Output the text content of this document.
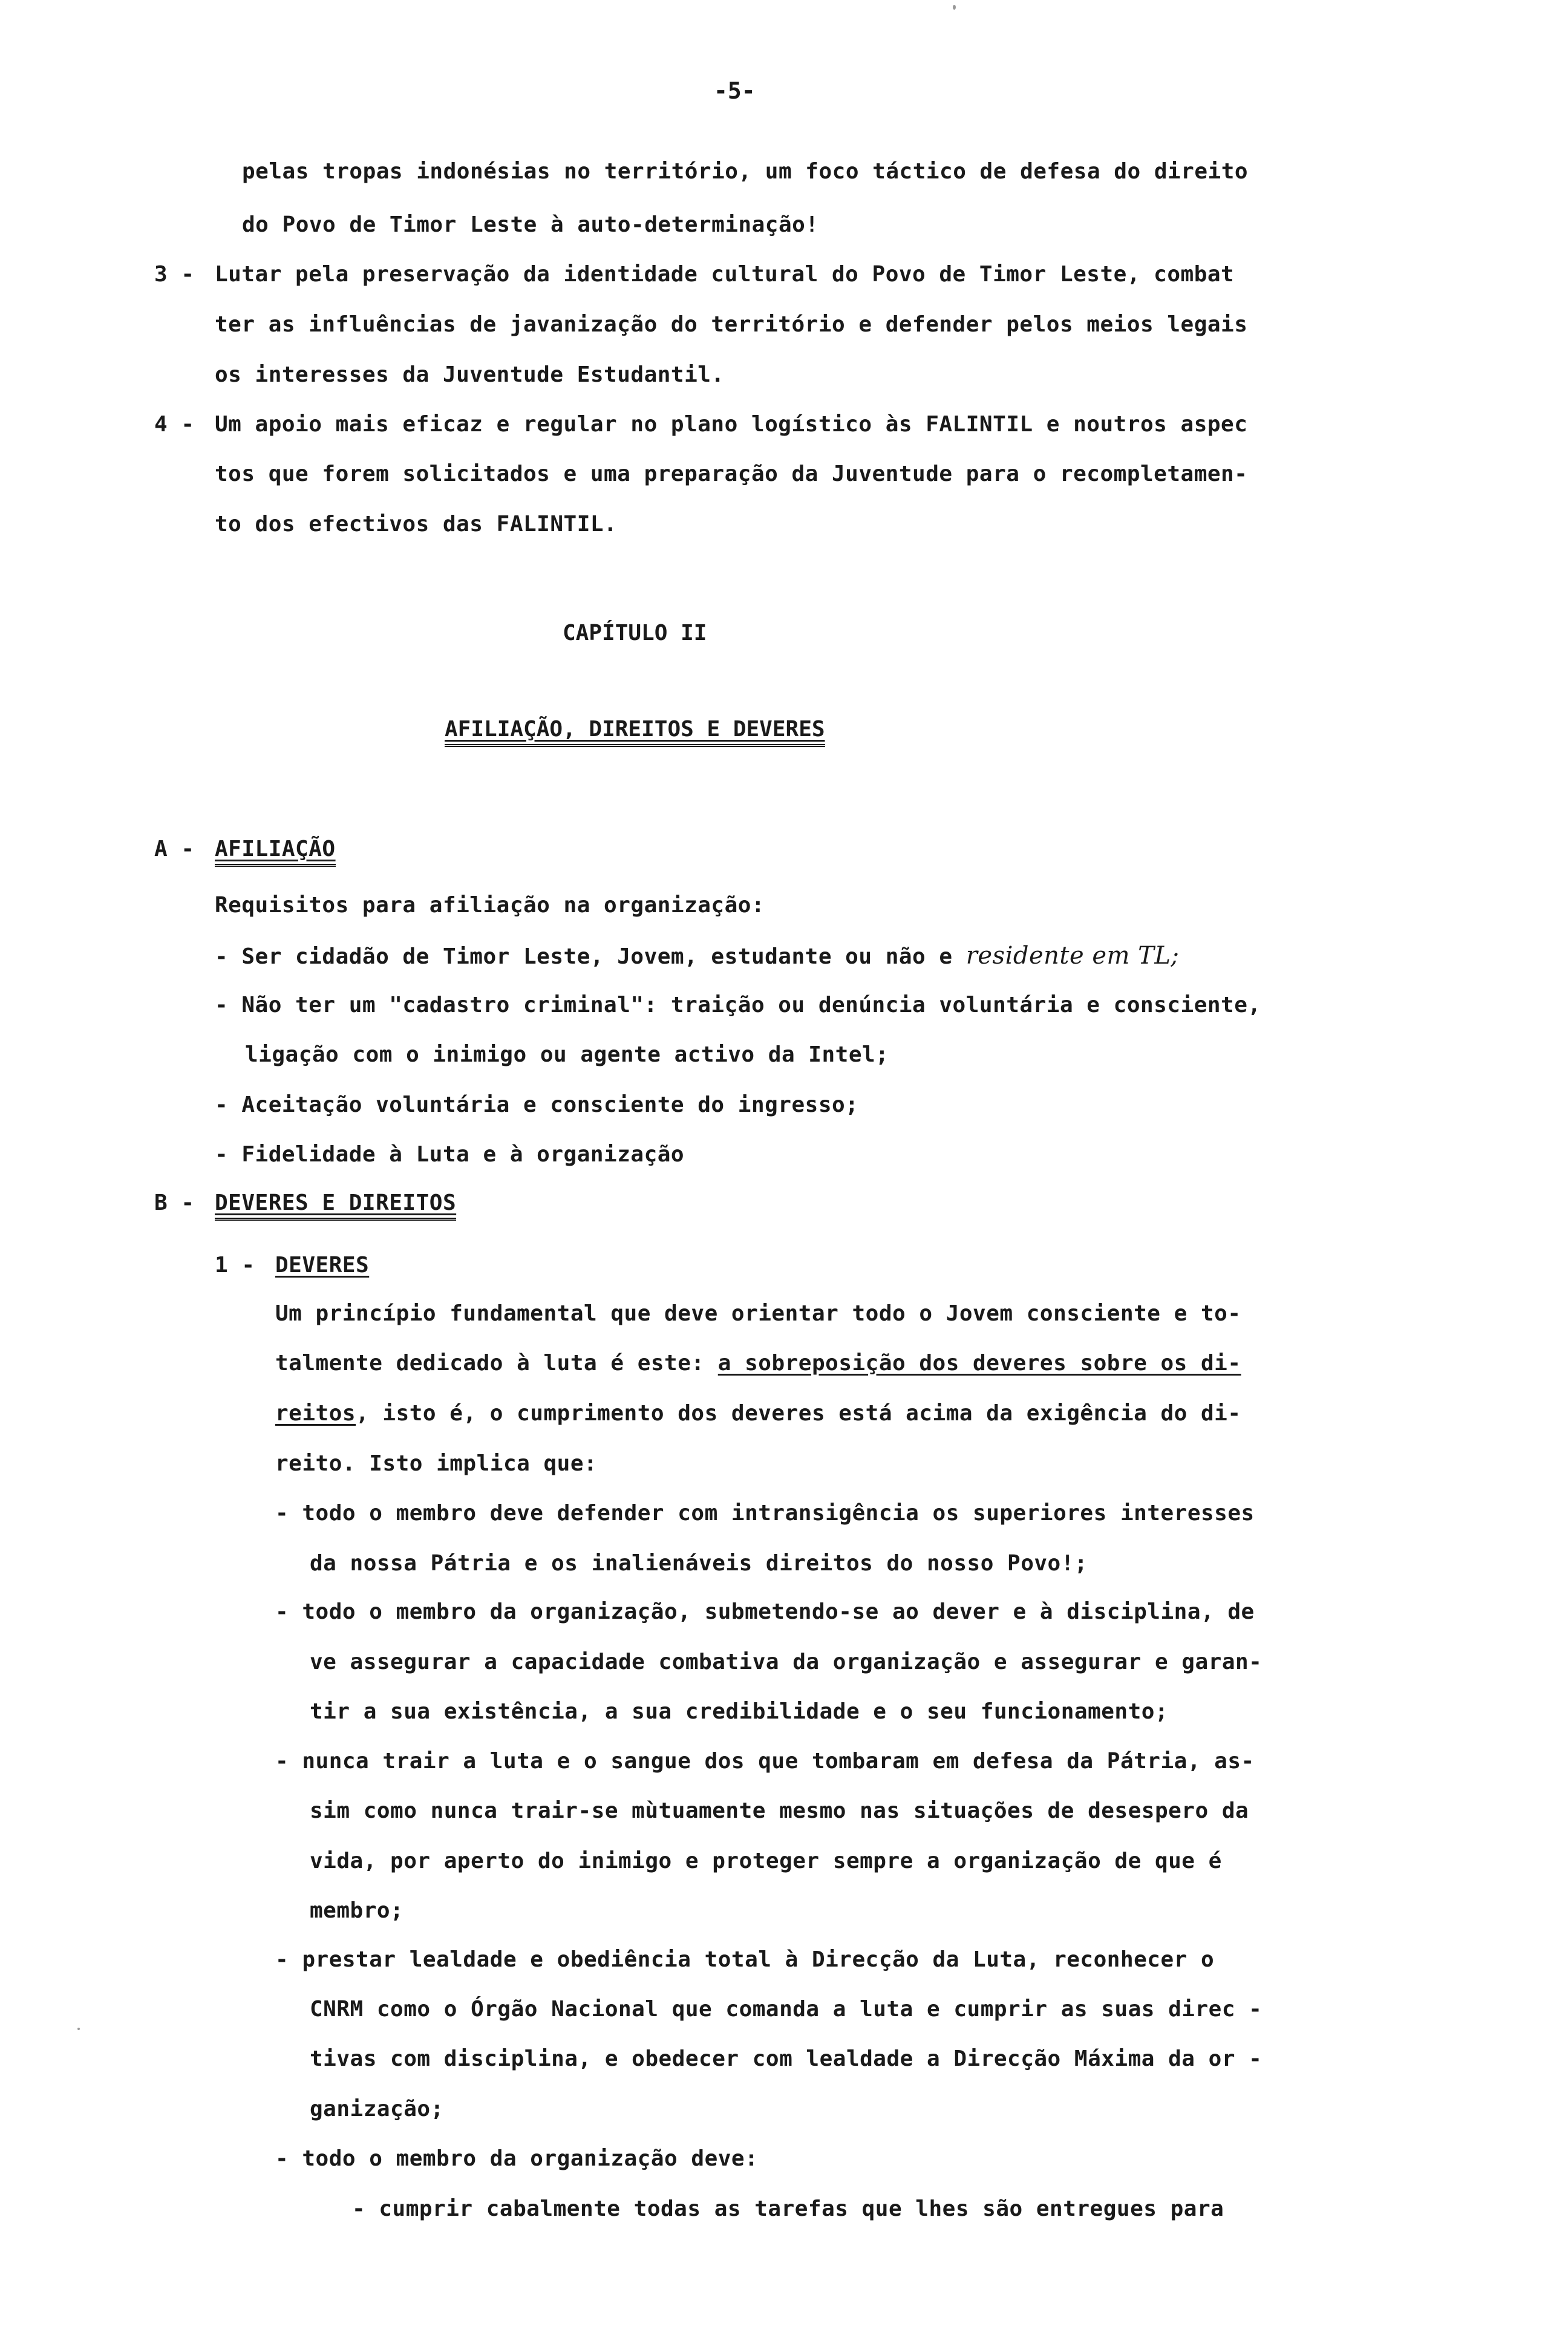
-5-
pelas tropas indonésias no território, um foco táctico de defesa do direito
do Povo de Timor Leste à auto-determinação!
3 - Lutar pela preservação da identidade cultural do Povo de Timor Leste, combat
ter as influências de javanização do território e defender pelos meios legais
os interesses da Juventude Estudantil.
4 - Um apoio mais eficaz e regular no plano logístico às FALINTIL e noutros aspec
tos que forem solicitados e uma preparação da Juventude para o recompletamen-
to dos efectivos das FALINTIL.
CAPÍTULO II
AFILIAÇÃO, DIREITOS E DEVERES
A - AFILIAÇÃO
Requisitos para afiliação na organização:
- Ser cidadão de Timor Leste, Jovem, estudante ou não e residente em TL;
- Não ter um "cadastro criminal": traição ou denúncia voluntária e consciente,
ligação com o inimigo ou agente activo da Intel;
- Aceitação voluntária e consciente do ingresso;
- Fidelidade à Luta e à organização
B - DEVERES E DIREITOS
1 - DEVERES
Um princípio fundamental que deve orientar todo o Jovem consciente e to-
talmente dedicado à luta é este: a sobreposição dos deveres sobre os di-
reitos, isto é, o cumprimento dos deveres está acima da exigência do di-
reito. Isto implica que:
- todo o membro deve defender com intransigência os superiores interesses
da nossa Pátria e os inalienáveis direitos do nosso Povo!;
- todo o membro da organização, submetendo-se ao dever e à disciplina, de
ve assegurar a capacidade combativa da organização e assegurar e garan-
tir a sua existência, a sua credibilidade e o seu funcionamento;
- nunca trair a luta e o sangue dos que tombaram em defesa da Pátria, as-
sim como nunca trair-se mùtuamente mesmo nas situações de desespero da
vida, por aperto do inimigo e proteger sempre a organização de que é
membro;
- prestar lealdade e obediência total à Direcção da Luta, reconhecer o
CNRM como o Órgão Nacional que comanda a luta e cumprir as suas direc -
tivas com disciplina, e obedecer com lealdade a Direcção Máxima da or -
ganização;
- todo o membro da organização deve:
- cumprir cabalmente todas as tarefas que lhes são entregues para
